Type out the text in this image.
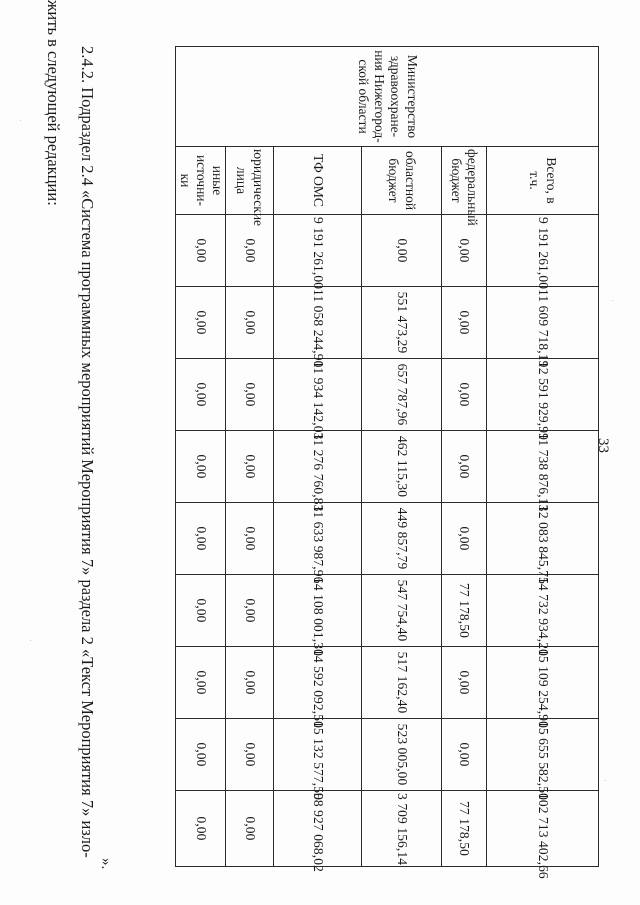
33
Министерство здравоохране-ния Нижегород-ской области	Всего, в т.ч.	9 191 261,00	11 609 718,19	12 591 929,99	11 738 876,13	12 083 845,75	14 732 934,20	15 109 254,90	15 655 582,50	102 713 402,66
	федеральный бюджет	0,00	0,00	0,00	0,00	0,00	77 178,50	0,00	0,00	77 178,50
	областной бюджет	0,00	551 473,29	657 787,96	462 115,30	449 857,79	547 754,40	517 162,40	523 005,00	3 709 156,14
	ТФ ОМС	9 191 261,00	11 058 244,90	11 934 142,03	11 276 760,83	11 633 987,96	14 108 001,30	14 592 092,50	15 132 577,50	98 927 068,02
	юридические лица	0,00	0,00	0,00	0,00	0,00	0,00	0,00	0,00	0,00
	иные источни-ки	0,00	0,00	0,00	0,00	0,00	0,00	0,00	0,00	0,00
».
2.4.2. Подраздел 2.4 «Система программных мероприятий Мероприятия 7» раздела 2 «Текст Мероприятия 7» изло-
жить в следующей редакции:
